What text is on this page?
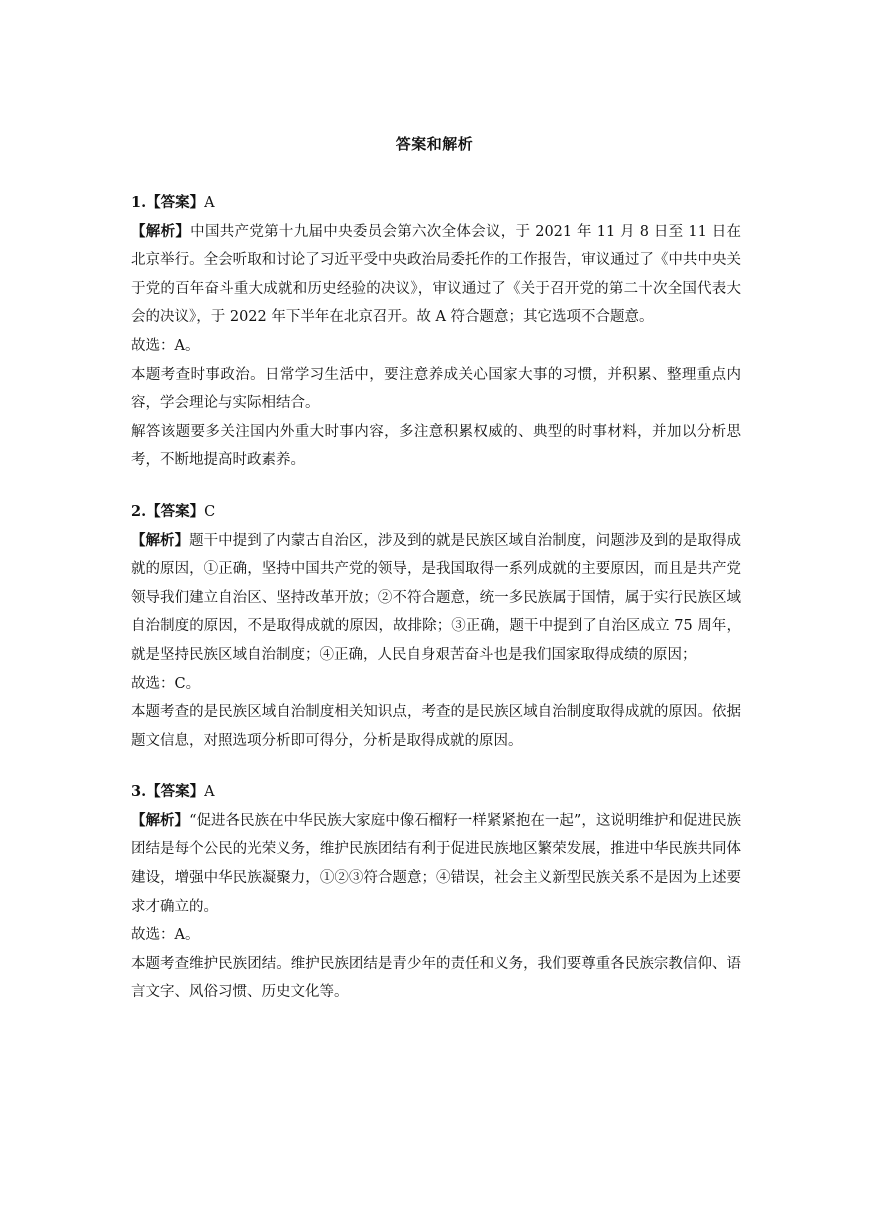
答案和解析
1.【答案】A
【解析】中国共产党第十九届中央委员会第六次全体会议，于 2021 年 11 月 8 日至 11 日在北京举行。全会听取和讨论了习近平受中央政治局委托作的工作报告，审议通过了《中共中央关于党的百年奋斗重大成就和历史经验的决议》，审议通过了《关于召开党的第二十次全国代表大会的决议》，于 2022 年下半年在北京召开。故 A 符合题意；其它选项不合题意。
故选：A。
本题考查时事政治。日常学习生活中，要注意养成关心国家大事的习惯，并积累、整理重点内容，学会理论与实际相结合。
解答该题要多关注国内外重大时事内容，多注意积累权威的、典型的时事材料，并加以分析思考，不断地提高时政素养。
2.【答案】C
【解析】题干中提到了内蒙古自治区，涉及到的就是民族区域自治制度，问题涉及到的是取得成就的原因，①正确，坚持中国共产党的领导，是我国取得一系列成就的主要原因，而且是共产党领导我们建立自治区、坚持改革开放；②不符合题意，统一多民族属于国情，属于实行民族区域自治制度的原因，不是取得成就的原因，故排除；③正确，题干中提到了自治区成立 75 周年，就是坚持民族区域自治制度；④正确，人民自身艰苦奋斗也是我们国家取得成绩的原因；
故选：C。
本题考查的是民族区域自治制度相关知识点，考查的是民族区域自治制度取得成就的原因。依据题文信息，对照选项分析即可得分，分析是取得成就的原因。
3.【答案】A
【解析】“促进各民族在中华民族大家庭中像石榴籽一样紧紧抱在一起”，这说明维护和促进民族团结是每个公民的光荣义务，维护民族团结有利于促进民族地区繁荣发展，推进中华民族共同体建设，增强中华民族凝聚力，①②③符合题意；④错误，社会主义新型民族关系不是因为上述要求才确立的。
故选：A。
本题考查维护民族团结。维护民族团结是青少年的责任和义务，我们要尊重各民族宗教信仰、语言文字、风俗习惯、历史文化等。
